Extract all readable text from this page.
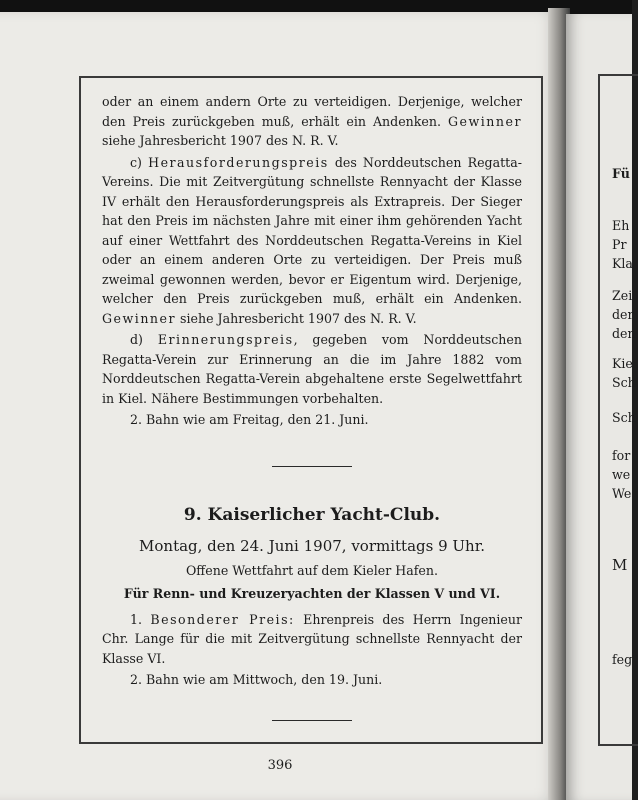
oder an einem andern Orte zu verteidigen. Derjenige, welcher den Preis zurückgeben muß, erhält ein Andenken. Gewinner siehe Jahresbericht 1907 des N. R. V.

c) Herausforderungspreis des Norddeutschen Regatta-Vereins. Die mit Zeitvergütung schnellste Rennyacht der Klasse IV erhält den Herausforderungspreis als Extrapreis. Der Sieger hat den Preis im nächsten Jahre mit einer ihm gehörenden Yacht auf einer Wettfahrt des Norddeutschen Regatta-Vereins in Kiel oder an einem anderen Orte zu verteidigen. Der Preis muß zweimal gewonnen werden, bevor er Eigentum wird. Derjenige, welcher den Preis zurückgeben muß, erhält ein Andenken. Gewinner siehe Jahresbericht 1907 des N. R. V.

d) Erinnerungspreis, gegeben vom Norddeutschen Regatta-Verein zur Erinnerung an die im Jahre 1882 vom Norddeutschen Regatta-Verein abgehaltene erste Segelwettfahrt in Kiel. Nähere Bestimmungen vorbehalten.

2. Bahn wie am Freitag, den 21. Juni.

9. Kaiserlicher Yacht-Club.

Montag, den 24. Juni 1907, vormittags 9 Uhr.

Offene Wettfahrt auf dem Kieler Hafen.

Für Renn- und Kreuzeryachten der Klassen V und VI.

1. Besonderer Preis: Ehrenpreis des Herrn Ingenieur Chr. Lange für die mit Zeitvergütung schnellste Rennyacht der Klasse VI.

2. Bahn wie am Mittwoch, den 19. Juni.

396
Fü
Eh
Pr
Kla
Zei
der
den
Kie
Sch
Sch
for
we
We
M
feg
